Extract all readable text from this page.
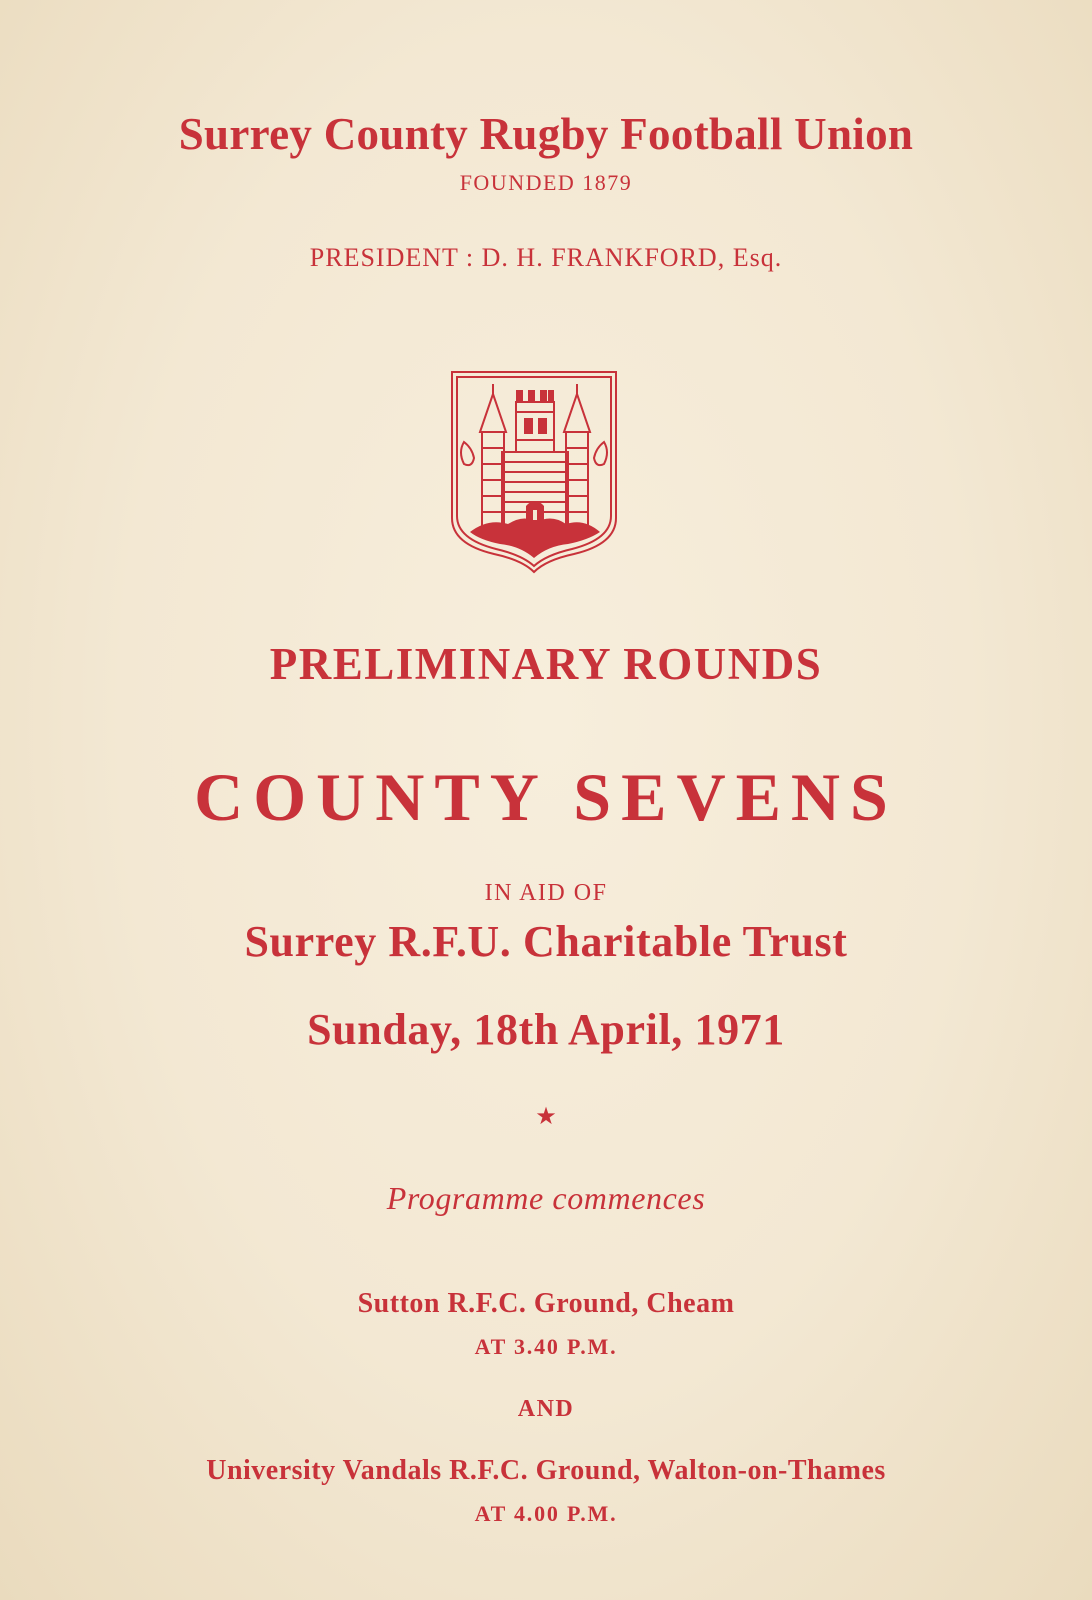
Surrey County Rugby Football Union
FOUNDED 1879
PRESIDENT : D. H. FRANKFORD, Esq.
PRELIMINARY ROUNDS
COUNTY SEVENS
IN AID OF
Surrey R.F.U. Charitable Trust
Sunday, 18th April, 1971
★
Programme commences
Sutton R.F.C. Ground, Cheam
AT 3.40 P.M.
AND
University Vandals R.F.C. Ground, Walton-on-Thames
AT 4.00 P.M.
